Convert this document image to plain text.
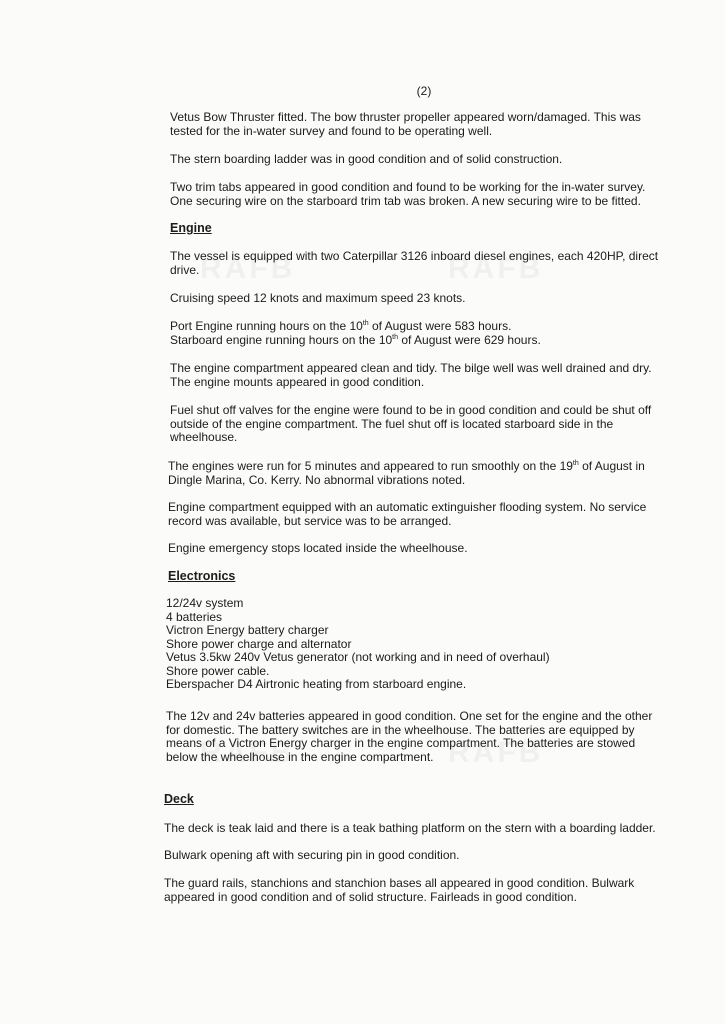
(2)
Vetus Bow Thruster fitted. The bow thruster propeller appeared worn/damaged. This was
tested for the in-water survey and found to be operating well.
The stern boarding ladder was in good condition and of solid construction.
Two trim tabs appeared in good condition and found to be working for the in-water survey.
One securing wire on the starboard trim tab was broken. A new securing wire to be fitted.
Engine
The vessel is equipped with two Caterpillar 3126 inboard diesel engines, each 420HP, direct
drive.
Cruising speed 12 knots and maximum speed 23 knots.
Port Engine running hours on the 10th of August were 583 hours.
Starboard engine running hours on the 10th of August were 629 hours.
The engine compartment appeared clean and tidy. The bilge well was well drained and dry.
The engine mounts appeared in good condition.
Fuel shut off valves for the engine were found to be in good condition and could be shut off
outside of the engine compartment. The fuel shut off is located starboard side in the
wheelhouse.
The engines were run for 5 minutes and appeared to run smoothly on the 19th of August in
Dingle Marina, Co. Kerry. No abnormal vibrations noted.
Engine compartment equipped with an automatic extinguisher flooding system. No service
record was available, but service was to be arranged.
Engine emergency stops located inside the wheelhouse.
Electronics
12/24v system
4 batteries
Victron Energy battery charger
Shore power charge and alternator
Vetus 3.5kw 240v Vetus generator (not working and in need of overhaul)
Shore power cable.
Eberspacher D4 Airtronic heating from starboard engine.
The 12v and 24v batteries appeared in good condition. One set for the engine and the other
for domestic. The battery switches are in the wheelhouse. The batteries are equipped by
means of a Victron Energy charger in the engine compartment. The batteries are stowed
below the wheelhouse in the engine compartment.
Deck
The deck is teak laid and there is a teak bathing platform on the stern with a boarding ladder.
Bulwark opening aft with securing pin in good condition.
The guard rails, stanchions and stanchion bases all appeared in good condition. Bulwark
appeared in good condition and of solid structure. Fairleads in good condition.
